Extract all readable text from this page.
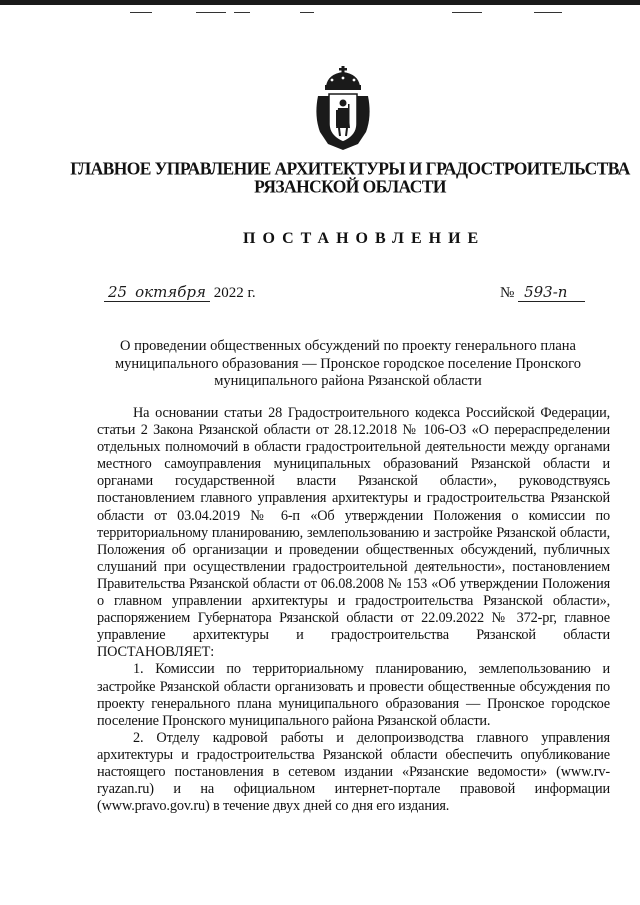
ГЛАВНОЕ УПРАВЛЕНИЕ АРХИТЕКТУРЫ И ГРАДОСТРОИТЕЛЬСТВА
РЯЗАНСКОЙ ОБЛАСТИ
ПОСТАНОВЛЕНИЕ
25 октября 2022 г.	№ 593-п
О проведении общественных обсуждений по проекту генерального плана
муниципального образования — Пронское городское поселение Пронского
муниципального района Рязанской области

На основании статьи 28 Градостроительного кодекса Российской Федерации, статьи 2 Закона Рязанской области от 28.12.2018 № 106-ОЗ «О перераспределении отдельных полномочий в области градостроительной деятельности между органами местного самоуправления муниципальных образований Рязанской области и органами государственной власти Рязанской области», руководствуясь постановлением главного управления архитектуры и градостроительства Рязанской области от 03.04.2019 № 6-п «Об утверждении Положения о комиссии по территориальному планированию, землепользованию и застройке Рязанской области, Положения об организации и проведении общественных обсуждений, публичных слушаний при осуществлении градостроительной деятельности», постановлением Правительства Рязанской области от 06.08.2008 № 153 «Об утверждении Положения о главном управлении архитектуры и градостроительства Рязанской области», распоряжением Губернатора Рязанской области от 22.09.2022 № 372-рг, главное управление архитектуры и градостроительства Рязанской области ПОСТАНОВЛЯЕТ:

1. Комиссии по территориальному планированию, землепользованию и застройке Рязанской области организовать и провести общественные обсуждения по проекту генерального плана муниципального образования — Пронское городское поселение Пронского муниципального района Рязанской области.

2. Отделу кадровой работы и делопроизводства главного управления архитектуры и градостроительства Рязанской области обеспечить опубликование настоящего постановления в сетевом издании «Рязанские ведомости» (www.rv-ryazan.ru) и на официальном интернет-портале правовой информации (www.pravo.gov.ru) в течение двух дней со дня его издания.
